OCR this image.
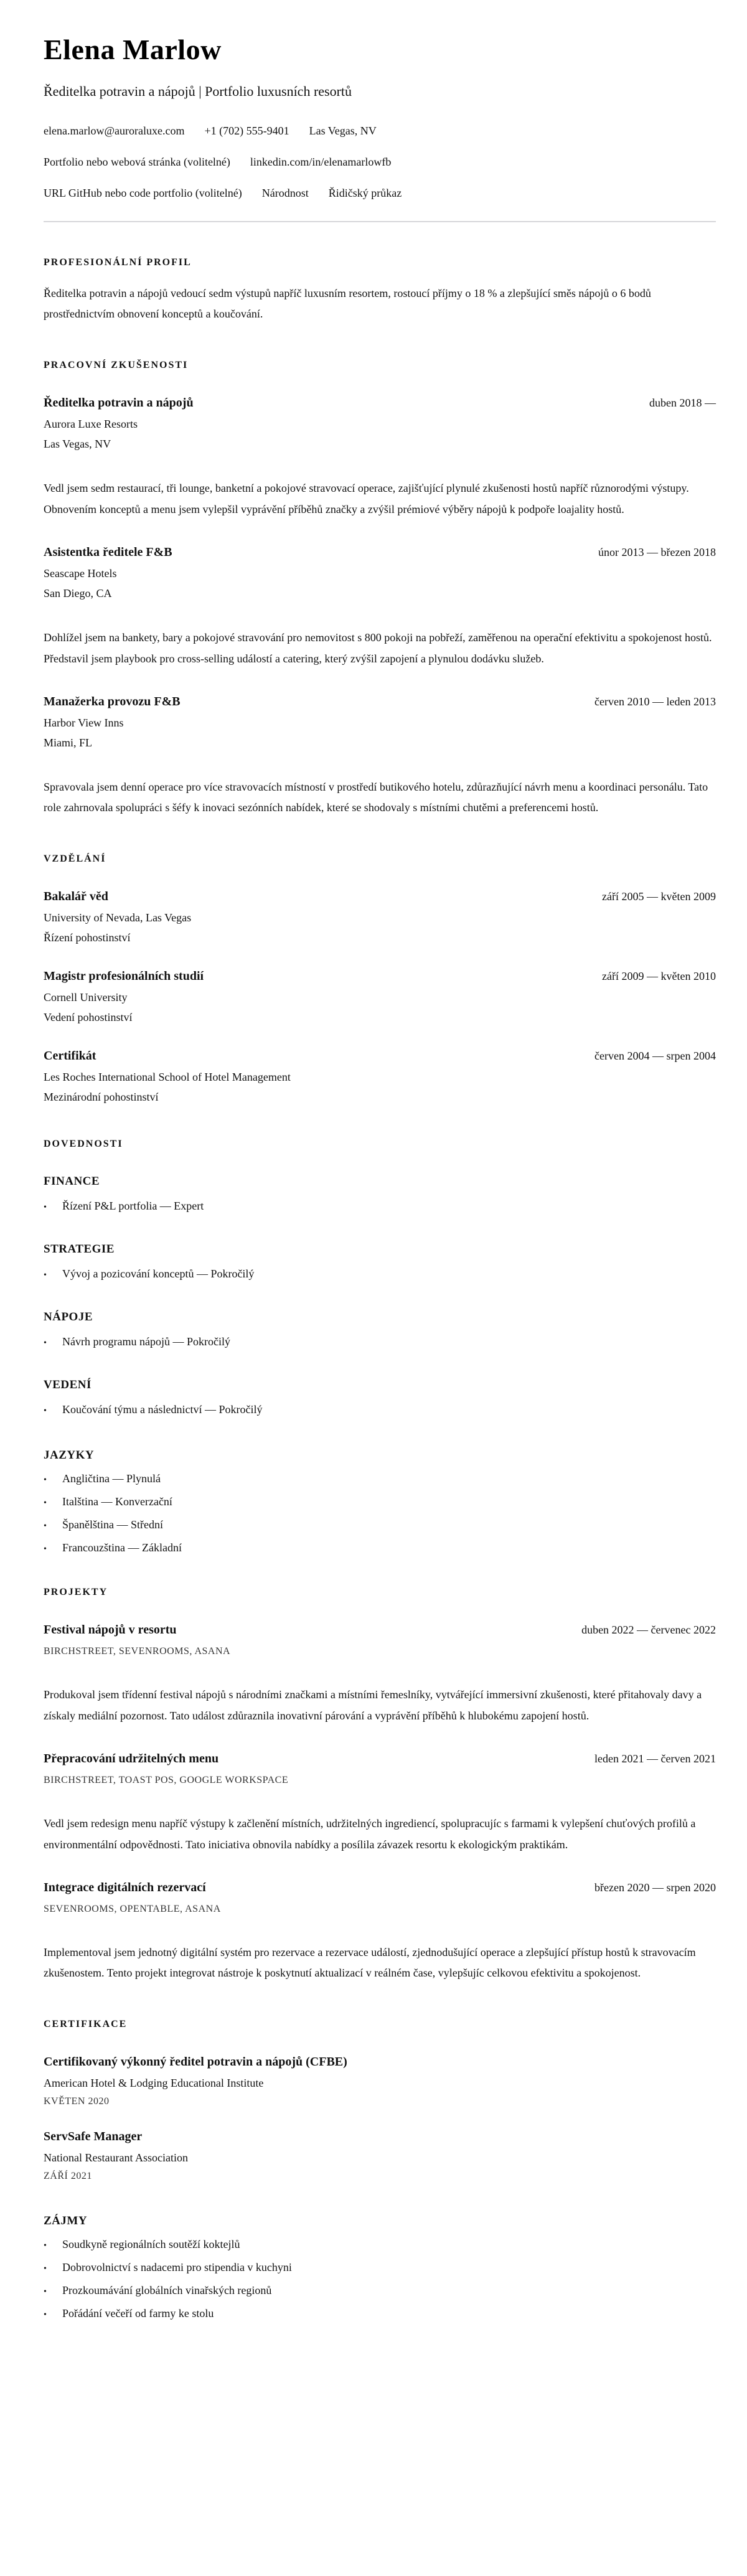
Elena Marlow
Ředitelka potravin a nápojů | Portfolio luxusních resortů
elena.marlow@auroraluxe.com +1 (702) 555-9401 Las Vegas, NV
Portfolio nebo webová stránka (volitelné) linkedin.com/in/elenamarlowfb
URL GitHub nebo code portfolio (volitelné) Národnost Řidičský průkaz
PROFESIONÁLNÍ PROFIL
Ředitelka potravin a nápojů vedoucí sedm výstupů napříč luxusním resortem, rostoucí příjmy o 18 % a zlepšující směs nápojů o 6 bodů prostřednictvím obnovení konceptů a koučování.
PRACOVNÍ ZKUŠENOSTI
Ředitelka potravin a nápojů	duben 2018 —
Aurora Luxe Resorts
Las Vegas, NV
Vedl jsem sedm restaurací, tři lounge, banketní a pokojové stravovací operace, zajišťující plynulé zkušenosti hostů napříč různorodými výstupy. Obnovením konceptů a menu jsem vylepšil vyprávění příběhů značky a zvýšil prémiové výběry nápojů k podpoře loajality hostů.
Asistentka ředitele F&B	únor 2013 — březen 2018
Seascape Hotels
San Diego, CA
Dohlížel jsem na bankety, bary a pokojové stravování pro nemovitost s 800 pokoji na pobřeží, zaměřenou na operační efektivitu a spokojenost hostů. Představil jsem playbook pro cross-selling událostí a catering, který zvýšil zapojení a plynulou dodávku služeb.
Manažerka provozu F&B	červen 2010 — leden 2013
Harbor View Inns
Miami, FL
Spravovala jsem denní operace pro více stravovacích místností v prostředí butikového hotelu, zdůrazňující návrh menu a koordinaci personálu. Tato role zahrnovala spolupráci s šéfy k inovaci sezónních nabídek, které se shodovaly s místními chutěmi a preferencemi hostů.
VZDĚLÁNÍ
Bakalář věd	září 2005 — květen 2009
University of Nevada, Las Vegas
Řízení pohostinství
Magistr profesionálních studií	září 2009 — květen 2010
Cornell University
Vedení pohostinství
Certifikát	červen 2004 — srpen 2004
Les Roches International School of Hotel Management
Mezinárodní pohostinství
DOVEDNOSTI
FINANCE
•	Řízení P&L portfolia — Expert
STRATEGIE
•	Vývoj a pozicování konceptů — Pokročilý
NÁPOJE
•	Návrh programu nápojů — Pokročilý
VEDENÍ
•	Koučování týmu a následnictví — Pokročilý
JAZYKY
•	Angličtina — Plynulá
•	Italština — Konverzační
•	Španělština — Střední
•	Francouzština — Základní
PROJEKTY
Festival nápojů v resortu	duben 2022 — červenec 2022
BIRCHSTREET, SEVENROOMS, ASANA
Produkoval jsem třídenní festival nápojů s národními značkami a místními řemeslníky, vytvářející immersivní zkušenosti, které přitahovaly davy a získaly mediální pozornost. Tato událost zdůraznila inovativní párování a vyprávění příběhů k hlubokému zapojení hostů.
Přepracování udržitelných menu	leden 2021 — červen 2021
BIRCHSTREET, TOAST POS, GOOGLE WORKSPACE
Vedl jsem redesign menu napříč výstupy k začlenění místních, udržitelných ingrediencí, spolupracujíc s farmami k vylepšení chuťových profilů a environmentální odpovědnosti. Tato iniciativa obnovila nabídky a posílila závazek resortu k ekologickým praktikám.
Integrace digitálních rezervací	březen 2020 — srpen 2020
SEVENROOMS, OPENTABLE, ASANA
Implementoval jsem jednotný digitální systém pro rezervace a rezervace událostí, zjednodušující operace a zlepšující přístup hostů k stravovacím zkušenostem. Tento projekt integrovat nástroje k poskytnutí aktualizací v reálném čase, vylepšujíc celkovou efektivitu a spokojenost.
CERTIFIKACE
Certifikovaný výkonný ředitel potravin a nápojů (CFBE)
American Hotel & Lodging Educational Institute
KVĚTEN 2020
ServSafe Manager
National Restaurant Association
ZÁŘÍ 2021
ZÁJMY
•	Soudkyně regionálních soutěží koktejlů
•	Dobrovolnictví s nadacemi pro stipendia v kuchyni
•	Prozkoumávání globálních vinařských regionů
•	Pořádání večeří od farmy ke stolu
